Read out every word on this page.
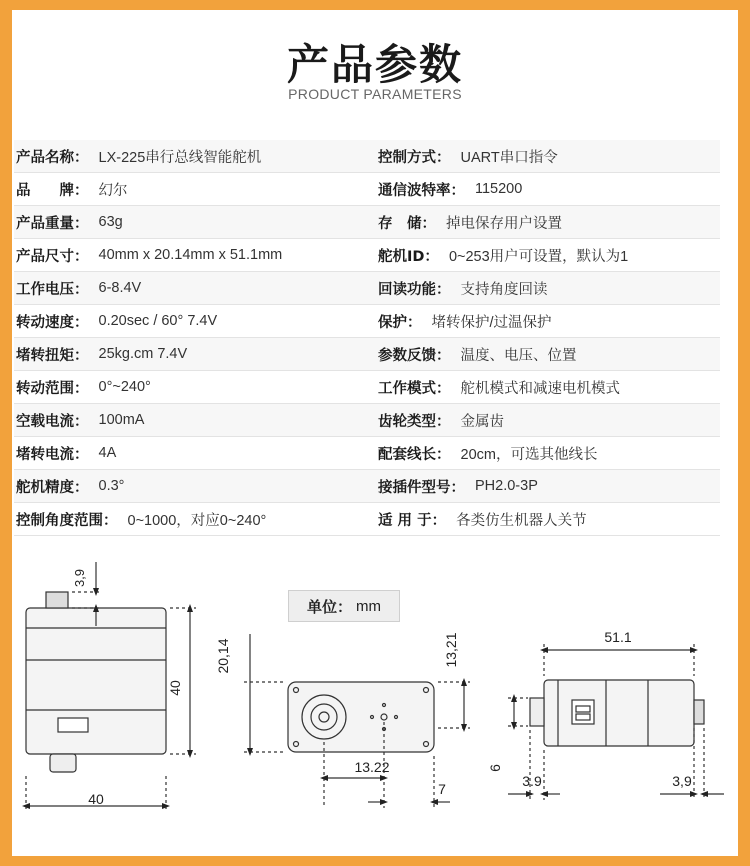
产品参数
PRODUCT PARAMETERS
产品名称： LX-225串行总线智能舵机	控制方式： UART串口指令
品　　牌： 幻尔	通信波特率： 115200
产品重量： 63g	存　储： 掉电保存用户设置
产品尺寸： 40mm x 20.14mm x 51.1mm	舵机ID： 0~253用户可设置，默认为1
工作电压： 6-8.4V	回读功能： 支持角度回读
转动速度： 0.20sec / 60° 7.4V	保护： 堵转保护/过温保护
堵转扭矩： 25kg.cm 7.4V	参数反馈： 温度、电压、位置
转动范围： 0°~240°	工作模式： 舵机模式和减速电机模式
空载电流： 100mA	齿轮类型： 金属齿
堵转电流： 4A	配套线长： 20cm，可选其他线长
舵机精度： 0.3°	接插件型号： PH2.0-3P
控制角度范围： 0~1000，对应0~240°	适 用 于： 各类仿生机器人关节
40
40
3,9
20,14	13,21
13.22
7
51.1
6
3.9	3,9
单位： mm
